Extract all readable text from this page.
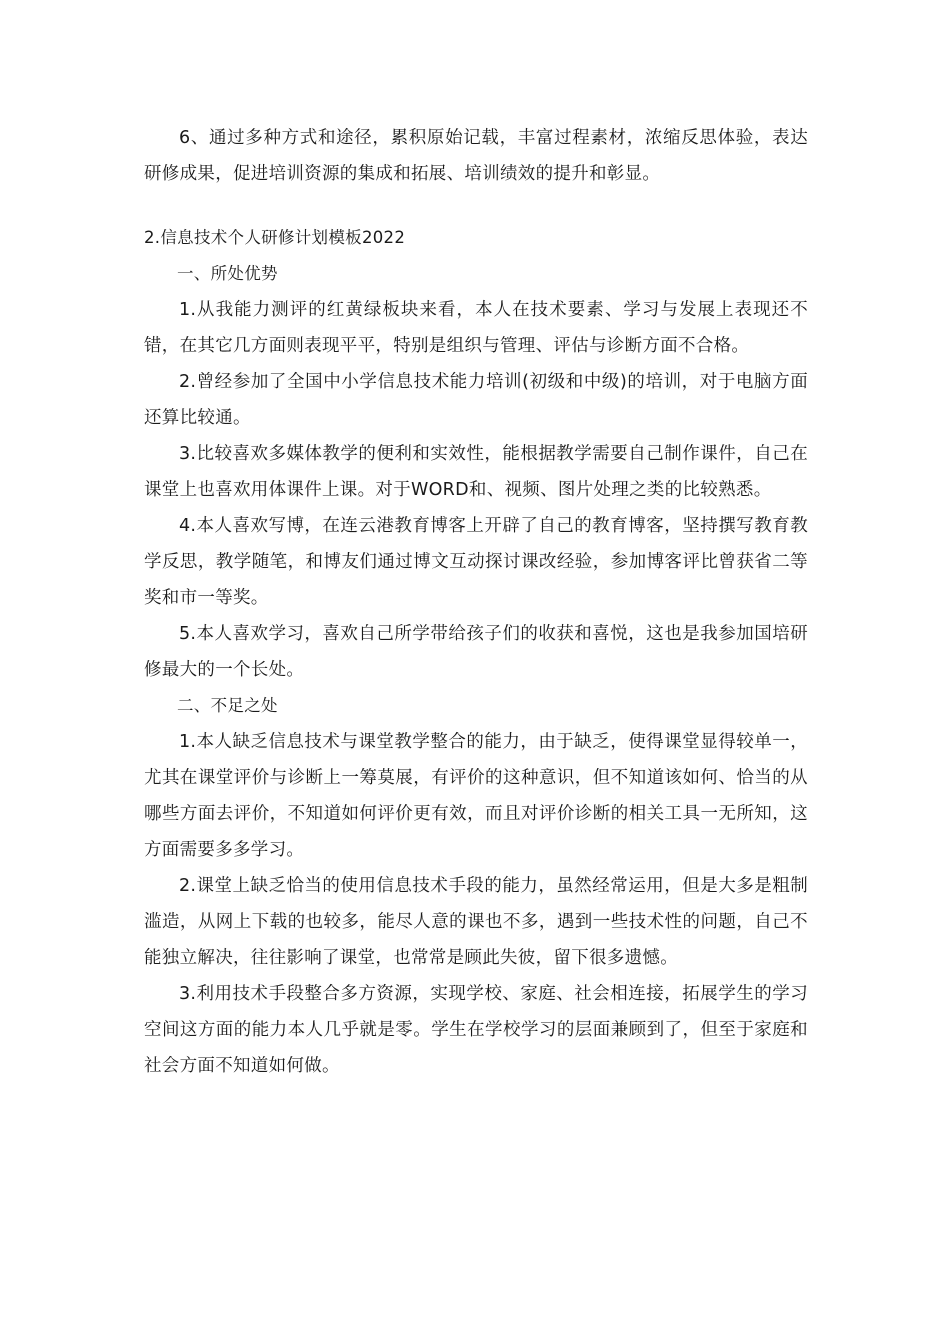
6、通过多种方式和途径，累积原始记载，丰富过程素材，浓缩反思体验，表达研修成果，促进培训资源的集成和拓展、培训绩效的提升和彰显。

2.信息技术个人研修计划模板2022

一、所处优势

1.从我能力测评的红黄绿板块来看，本人在技术要素、学习与发展上表现还不错，在其它几方面则表现平平，特别是组织与管理、评估与诊断方面不合格。

2.曾经参加了全国中小学信息技术能力培训(初级和中级)的培训，对于电脑方面还算比较通。

3.比较喜欢多媒体教学的便利和实效性，能根据教学需要自己制作课件，自己在课堂上也喜欢用体课件上课。对于WORD和、视频、图片处理之类的比较熟悉。

4.本人喜欢写博，在连云港教育博客上开辟了自己的教育博客，坚持撰写教育教学反思，教学随笔，和博友们通过博文互动探讨课改经验，参加博客评比曾获省二等奖和市一等奖。

5.本人喜欢学习，喜欢自己所学带给孩子们的收获和喜悦，这也是我参加国培研修最大的一个长处。

二、不足之处

1.本人缺乏信息技术与课堂教学整合的能力，由于缺乏，使得课堂显得较单一，尤其在课堂评价与诊断上一筹莫展，有评价的这种意识，但不知道该如何、恰当的从哪些方面去评价，不知道如何评价更有效，而且对评价诊断的相关工具一无所知，这方面需要多多学习。

2.课堂上缺乏恰当的使用信息技术手段的能力，虽然经常运用，但是大多是粗制滥造，从网上下载的也较多，能尽人意的课也不多，遇到一些技术性的问题，自己不能独立解决，往往影响了课堂，也常常是顾此失彼，留下很多遗憾。

3.利用技术手段整合多方资源，实现学校、家庭、社会相连接，拓展学生的学习空间这方面的能力本人几乎就是零。学生在学校学习的层面兼顾到了，但至于家庭和社会方面不知道如何做。
